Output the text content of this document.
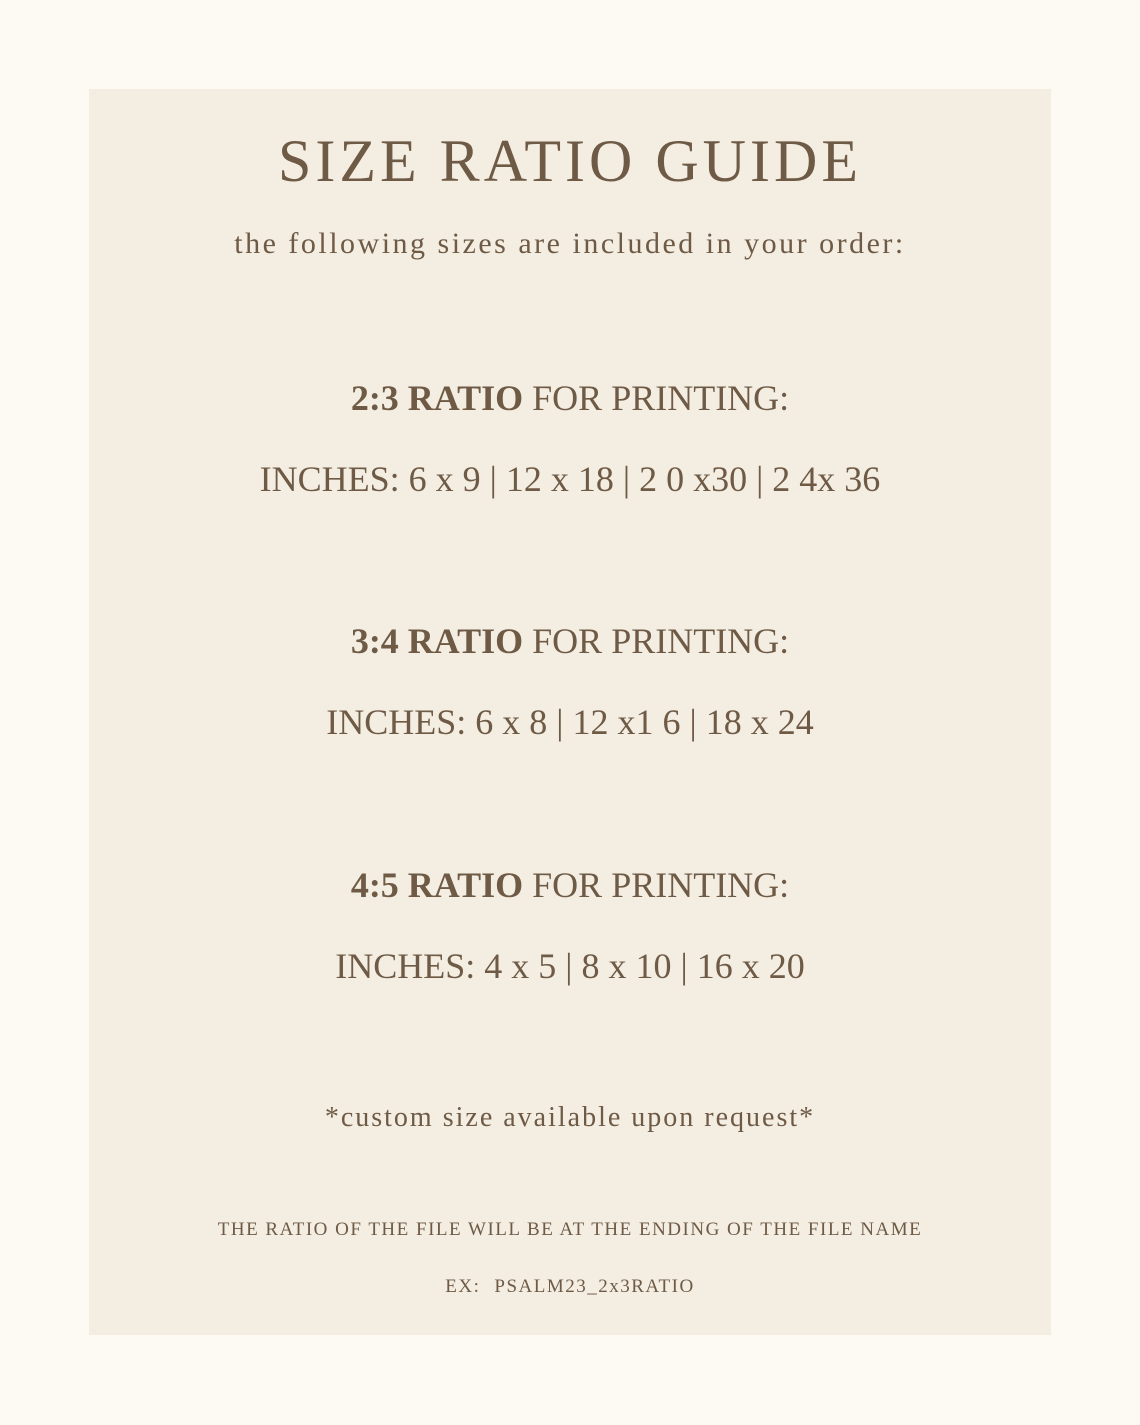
SIZE RATIO GUIDE

the following sizes are included in your order:

2:3 RATIO FOR PRINTING:

INCHES: 6 x 9 | 12 x 18 | 2 0 x30 | 2 4x 36

3:4 RATIO FOR PRINTING:

INCHES: 6 x 8 | 12 x1 6 | 18 x 24

4:5 RATIO FOR PRINTING:

INCHES: 4 x 5 | 8 x 10 | 16 x 20

*custom size available upon request*

THE RATIO OF THE FILE WILL BE AT THE ENDING OF THE FILE NAME

EX: PSALM23_2x3RATIO
